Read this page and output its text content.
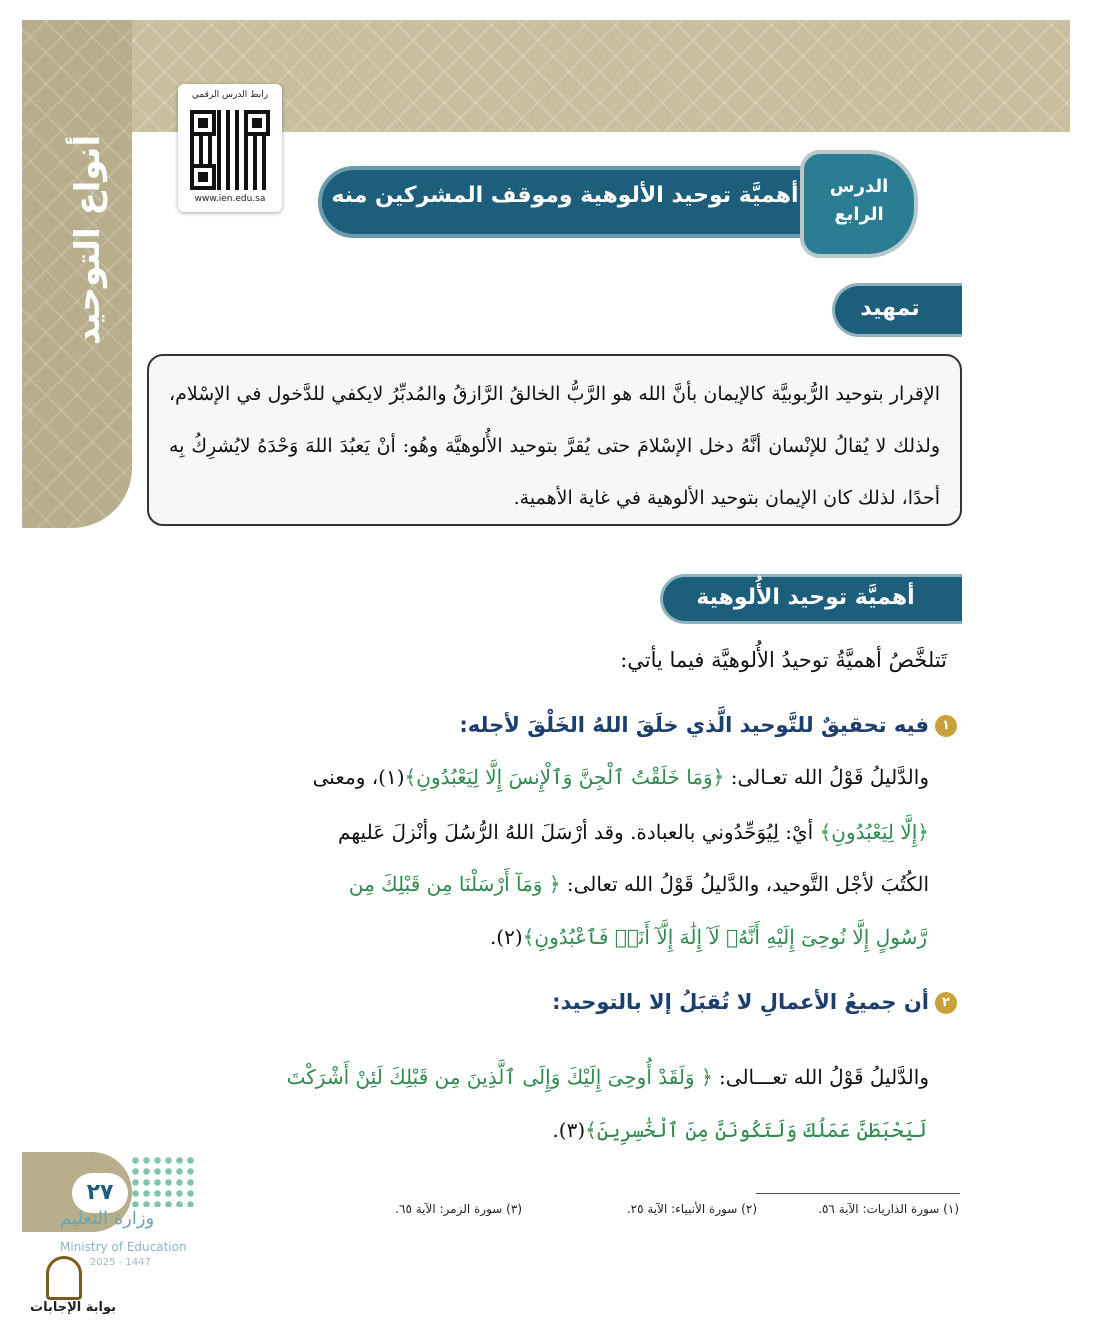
أنواع التوحيد
رابط الدرس الرقمي
www.ien.edu.sa	أهميَّة توحيد الألوهية وموقف المشركين منه	الدرس
الرابع
تمهيد
الإقرار بتوحيد الرُّبوبيَّة كالإيمان بأنَّ الله هو الرَّبُّ الخالقُ الرَّازقُ والمُدبِّرُ لايكفي للدَّخول في الإسْلام، ولذلك لا يُقالُ للإنْسان أنَّهُ دخل الإسْلامَ حتى يُقرَّ بتوحيد الأُلوهيَّة وهُو: أنْ يَعبُدَ اللهَ وَحْدَهُ لايُشرِكُ بِه أحدًا، لذلك كان الإيمان بتوحيد الألوهية في غاية الأهمية.
أهميَّة توحيد الأُلوهية
تَتلخَّصُ أهميَّةُ توحيدُ الأُلوهيَّة فيما يأتي:
١فيه تحقيقٌ للتَّوحيد الَّذي خلَقَ اللهُ الخَلْقَ لأجله:
والدَّليلُ قَوْلُ الله تعـالى: ﴿وَمَا خَلَقْتُ ٱلْجِنَّ وَٱلْإِنسَ إِلَّا لِيَعْبُدُونِ﴾(١)، ومعنى
﴿إِلَّا لِيَعْبُدُونِ﴾ أيْ: لِيُوَحِّدُوني بالعبادة. وقد أرْسَلَ اللهُ الرُّسُلَ وأنْزلَ عَليهم
الكُتُبَ لأجْل التَّوحيد، والدَّليلُ قَوْلُ الله تعالى: ﴿ وَمَآ أَرْسَلْنَا مِن قَبْلِكَ مِن
رَّسُولٍ إِلَّا نُوحِىٓ إِلَيْهِ أَنَّهُۥ لَآ إِلَٰهَ إِلَّآ أَنَا۠ فَٱعْبُدُونِ﴾(٢).
٢أن جميعُ الأعمالِ لا تُقبَلُ إلا بالتوحيد:
والدَّليلُ قَوْلُ الله تعـــالى: ﴿ وَلَقَدْ أُوحِىَ إِلَيْكَ وَإِلَى ٱلَّذِينَ مِن قَبْلِكَ لَئِنْ أَشْرَكْتَ
لَيَحْبَطَنَّ عَمَلُكَ وَلَتَكُونَنَّ مِنَ ٱلْخَٰسِرِينَ﴾(٣).
(١) سورة الذاريات: الآية ٥٦.
(٢) سورة الأنبياء: الآية ٢٥.
(٣) سورة الزمر: الآية ٦٥.
٢٧
وزارة التعليم
Ministry of Education
2025 - 1447
بوابة الإجابات
